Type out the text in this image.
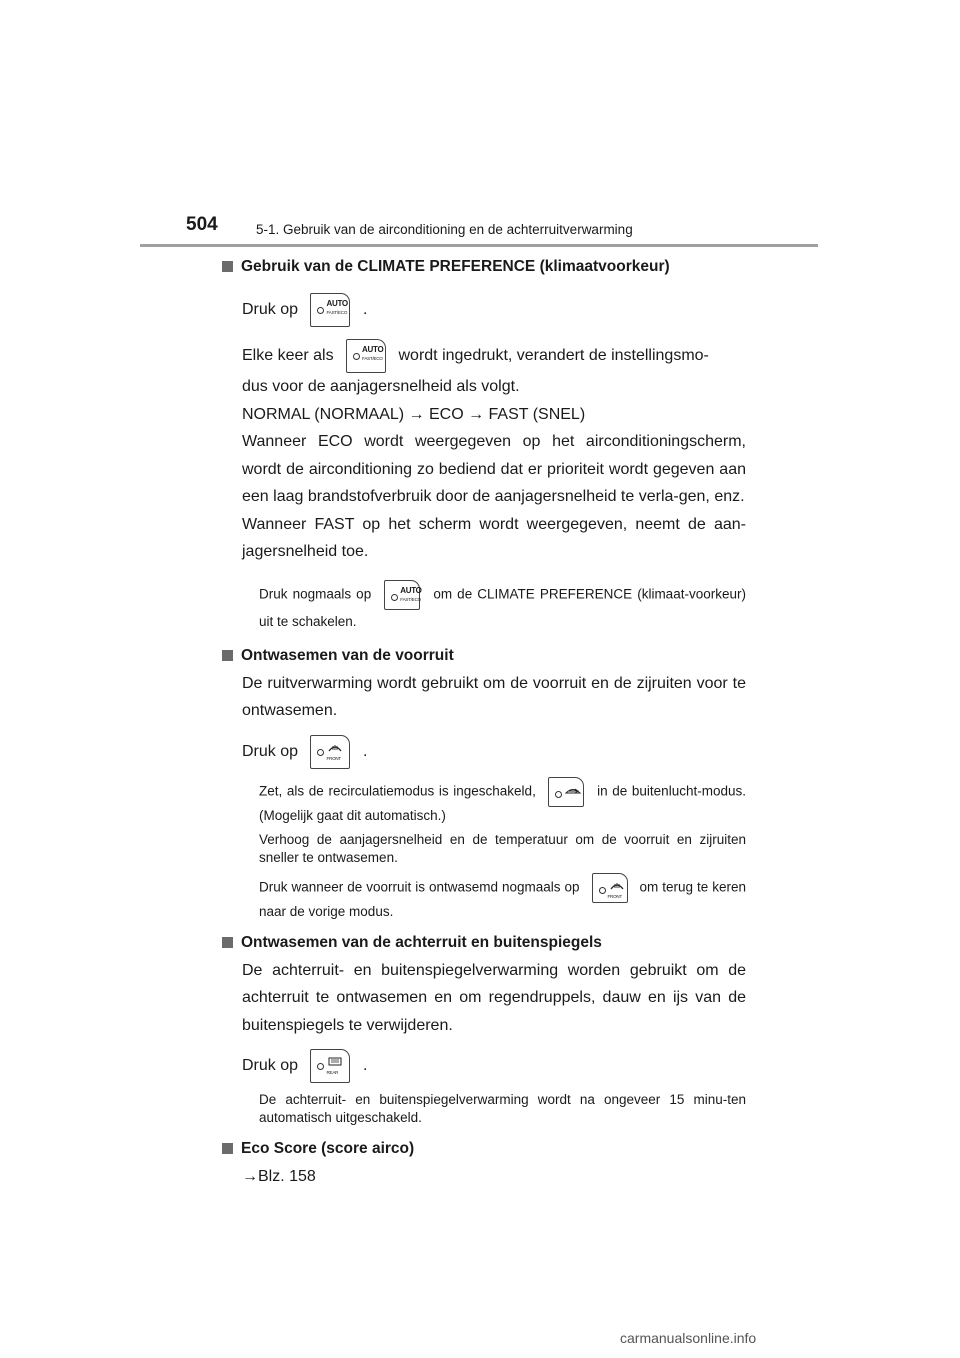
504	5-1. Gebruik van de airconditioning en de achterruitverwarming

Gebruik van de CLIMATE PREFERENCE (klimaatvoorkeur)

Druk op	AUTO
FAST/ECO .

Elke keer als	AUTO
FAST/ECO wordt ingedrukt, verandert de instellingsmo-

dus voor de aanjagersnelheid als volgt.

NORMAL (NORMAAL) → ECO → FAST (SNEL)

Wanneer ECO wordt weergegeven op het airconditioningscherm, wordt de airconditioning zo bediend dat er prioriteit wordt gegeven aan een laag brandstofverbruik door de aanjagersnelheid te verla-gen, enz.

Wanneer FAST op het scherm wordt weergegeven, neemt de aan-jagersnelheid toe.

Druk nogmaals op	AUTO
FAST/ECO om de CLIMATE PREFERENCE (klimaat-voorkeur) uit te schakelen.

Ontwasemen van de voorruit

De ruitverwarming wordt gebruikt om de voorruit en de zijruiten voor te ontwasemen.

Druk op	FRONT .

Zet, als de recirculatiemodus is ingeschakeld,	in de buitenlucht-modus. (Mogelijk gaat dit automatisch.)

Verhoog de aanjagersnelheid en de temperatuur om de voorruit en zijruiten sneller te ontwasemen.

Druk wanneer de voorruit is ontwasemd nogmaals op
FRONT
om terug te keren naar de vorige modus.

Ontwasemen van de achterruit en buitenspiegels

De achterruit- en buitenspiegelverwarming worden gebruikt om de achterruit te ontwasemen en om regendruppels, dauw en ijs van de buitenspiegels te verwijderen.

Druk op	REAR .

De achterruit- en buitenspiegelverwarming wordt na ongeveer 15 minu-ten automatisch uitgeschakeld.

Eco Score (score airco)

→Blz. 158

carmanualsonline.info
